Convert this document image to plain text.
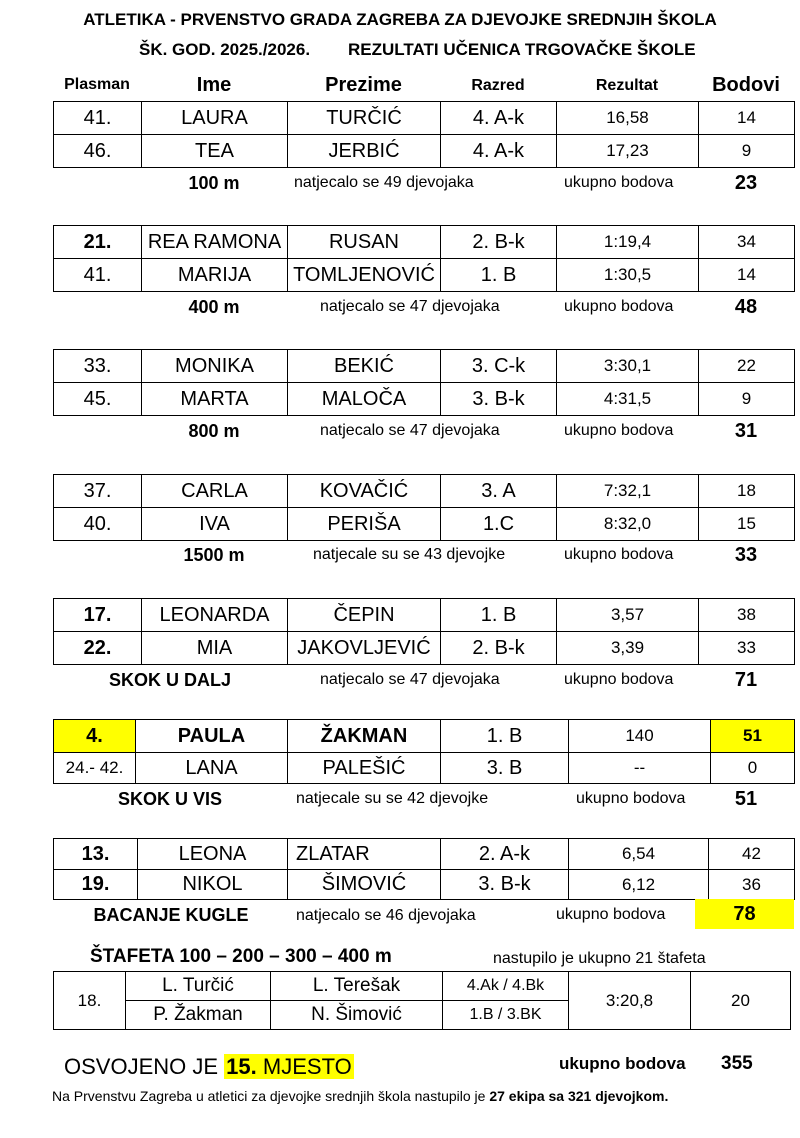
ATLETIKA - PRVENSTVO GRADA ZAGREBA ZA DJEVOJKE SREDNJIH ŠKOLA
ŠK. GOD. 2025./2026. REZULTATI UČENICA TRGOVAČKE ŠKOLE
Plasman	Ime	Prezime	Razred	Rezultat	Bodovi
41.	LAURA	TURČIĆ	4. A-k	16,58	14
46.	TEA	JERBIĆ	4. A-k	17,23	9
100 m	natjecalo se 49 djevojaka	ukupno bodova	23
21.	REA RAMONA	RUSAN	2. B-k	1:19,4	34
41.	MARIJA	TOMLJENOVIĆ	1. B	1:30,5	14
400 m	natjecalo se 47 djevojaka	ukupno bodova	48
33.	MONIKA	BEKIĆ	3. C-k	3:30,1	22
45.	MARTA	MALOČA	3. B-k	4:31,5	9
800 m	natjecalo se 47 djevojaka	ukupno bodova	31
37.	CARLA	KOVAČIĆ	3. A	7:32,1	18
40.	IVA	PERIŠA	1.C	8:32,0	15
1500 m	natjecale su se 43 djevojke	ukupno bodova	33
17.	LEONARDA	ČEPIN	1. B	3,57	38
22.	MIA	JAKOVLJEVIĆ	2. B-k	3,39	33
SKOK U DALJ	natjecalo se 47 djevojaka	ukupno bodova	71
4.	PAULA	ŽAKMAN	1. B	140	51
24.- 42.	LANA	PALEŠIĆ	3. B	--	0
SKOK U VIS	natjecale su se 42 djevojke	ukupno bodova	51
13.	LEONA	ZLATAR	2. A-k	6,54	42
19.	NIKOL	ŠIMOVIĆ	3. B-k	6,12	36
BACANJE KUGLE	natjecalo se 46 djevojaka	ukupno bodova	78
ŠTAFETA 100 – 200 – 300 – 400 m	nastupilo je ukupno 21 štafeta
18.	L. Turčić	L. Terešak	4.Ak / 4.Bk	3:20,8	20
	P. Žakman	N. Šimović	1.B / 3.BK		
OSVOJENO JE 15. MJESTO	ukupno bodova 355
Na Prvenstvu Zagreba u atletici za djevojke srednjih škola nastupilo je 27 ekipa sa 321 djevojkom.
